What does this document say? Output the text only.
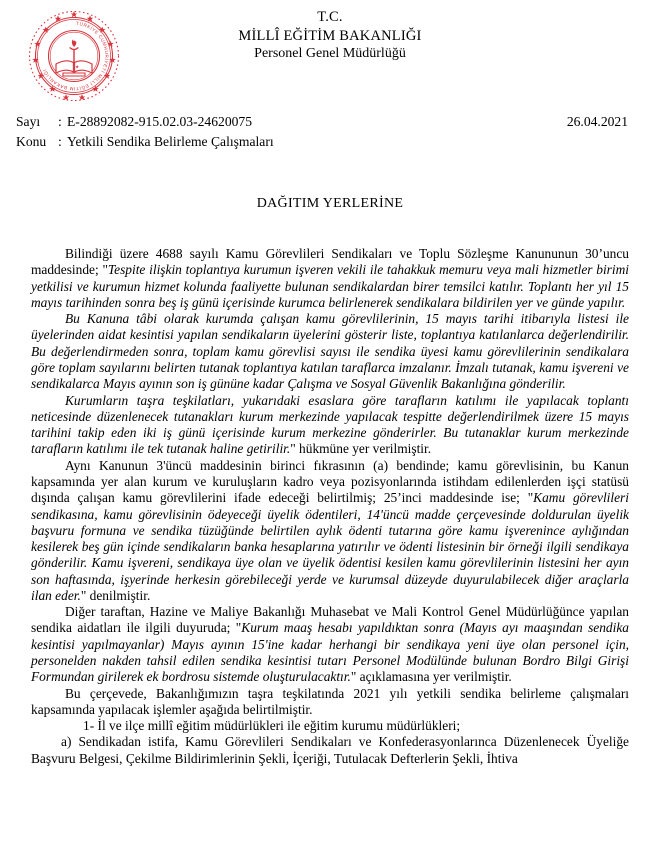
TÜRKİYE CUMHURİYETİ MİLLİ EĞİTİM BAKANLIĞI
T.C.
MİLLÎ EĞİTİM BAKANLIĞI
Personel Genel Müdürlüğü
Sayı	: E-28892082-915.02.03-24620075
Konu : Yetkili Sendika Belirleme Çalışmaları
26.04.2021
DAĞITIM YERLERİNE

Bilindiği üzere 4688 sayılı Kamu Görevlileri Sendikaları ve Toplu Sözleşme Kanununun 30’uncu maddesinde; "Tespite ilişkin toplantıya kurumun işveren vekili ile tahakkuk memuru veya mali hizmetler birimi yetkilisi ve kurumun hizmet kolunda faaliyette bulunan sendikalardan birer temsilci katılır. Toplantı her yıl 15 mayıs tarihinden sonra beş iş günü içerisinde kurumca belirlenerek sendikalara bildirilen yer ve günde yapılır.

Bu Kanuna tâbi olarak kurumda çalışan kamu görevlilerinin, 15 mayıs tarihi itibarıyla listesi ile üyelerinden aidat kesintisi yapılan sendikaların üyelerini gösterir liste, toplantıya katılanlarca değerlendirilir. Bu değerlendirmeden sonra, toplam kamu görevlisi sayısı ile sendika üyesi kamu görevlilerinin sendikalara göre toplam sayılarını belirten tutanak toplantıya katılan taraflarca imzalanır. İmzalı tutanak, kamu işvereni ve sendikalarca Mayıs ayının son iş gününe kadar Çalışma ve Sosyal Güvenlik Bakanlığına gönderilir.

Kurumların taşra teşkilatları, yukarıdaki esaslara göre tarafların katılımı ile yapılacak toplantı neticesinde düzenlenecek tutanakları kurum merkezinde yapılacak tespitte değerlendirilmek üzere 15 mayıs tarihini takip eden iki iş günü içerisinde kurum merkezine gönderirler. Bu tutanaklar kurum merkezinde tarafların katılımı ile tek tutanak haline getirilir." hükmüne yer verilmiştir.

Aynı Kanunun 3'üncü maddesinin birinci fıkrasının (a) bendinde; kamu görevlisinin, bu Kanun kapsamında yer alan kurum ve kuruluşların kadro veya pozisyonlarında istihdam edilenlerden işçi statüsü dışında çalışan kamu görevlilerini ifade edeceği belirtilmiş; 25’inci maddesinde ise; "Kamu görevlileri sendikasına, kamu görevlisinin ödeyeceği üyelik ödentileri, 14'üncü madde çerçevesinde doldurulan üyelik başvuru formuna ve sendika tüzüğünde belirtilen aylık ödenti tutarına göre kamu işverenince aylığından kesilerek beş gün içinde sendikaların banka hesaplarına yatırılır ve ödenti listesinin bir örneği ilgili sendikaya gönderilir. Kamu işvereni, sendikaya üye olan ve üyelik ödentisi kesilen kamu görevlilerinin listesini her ayın son haftasında, işyerinde herkesin görebileceği yerde ve kurumsal düzeyde duyurulabilecek diğer araçlarla ilan eder." denilmiştir.

Diğer taraftan, Hazine ve Maliye Bakanlığı Muhasebat ve Mali Kontrol Genel Müdürlüğünce yapılan sendika aidatları ile ilgili duyuruda; "Kurum maaş hesabı yapıldıktan sonra (Mayıs ayı maaşından sendika kesintisi yapılmayanlar) Mayıs ayının 15'ine kadar herhangi bir sendikaya yeni üye olan personel için, personelden nakden tahsil edilen sendika kesintisi tutarı Personel Modülünde bulunan Bordro Bilgi Girişi Formundan girilerek ek bordrosu sistemde oluşturulacaktır." açıklamasına yer verilmiştir.

Bu çerçevede, Bakanlığımızın taşra teşkilatında 2021 yılı yetkili sendika belirleme çalışmaları kapsamında yapılacak işlemler aşağıda belirtilmiştir.

1- İl ve ilçe millî eğitim müdürlükleri ile eğitim kurumu müdürlükleri;

a) Sendikadan istifa, Kamu Görevlileri Sendikaları ve Konfederasyonlarınca Düzenlenecek Üyeliğe Başvuru Belgesi, Çekilme Bildirimlerinin Şekli, İçeriği, Tutulacak Defterlerin Şekli, İhtiva
